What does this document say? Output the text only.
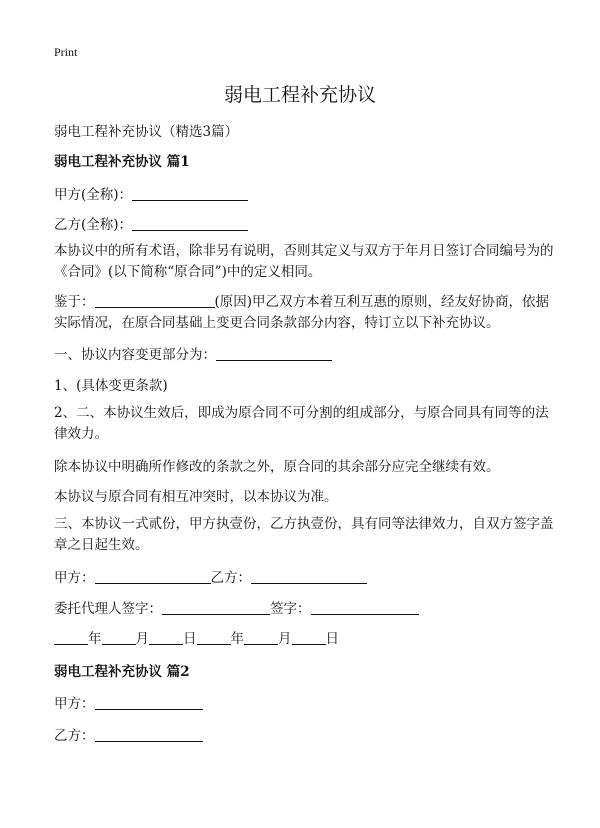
Print
弱电工程补充协议
弱电工程补充协议（精选3篇）
弱电工程补充协议 篇1
甲方(全称)：
乙方(全称)：
本协议中的所有术语，除非另有说明，否则其定义与双方于年月日签订合同编号为的《合同》(以下简称“原合同”)中的定义相同。
鉴于：	(原因)甲乙双方本着互利互惠的原则，经友好协商，依据实际情况，在原合同基础上变更合同条款部分内容，特订立以下补充协议。
一、协议内容变更部分为：
1、(具体变更条款)
2、二、本协议生效后，即成为原合同不可分割的组成部分，与原合同具有同等的法律效力。
除本协议中明确所作修改的条款之外，原合同的其余部分应完全继续有效。
本协议与原合同有相互冲突时，以本协议为准。
三、本协议一式贰份，甲方执壹份，乙方执壹份，具有同等法律效力，自双方签字盖章之日起生效。
甲方：	乙方：
委托代理人签字：	签字：
年	月	日	年	月	日
弱电工程补充协议 篇2
甲方：
乙方：
